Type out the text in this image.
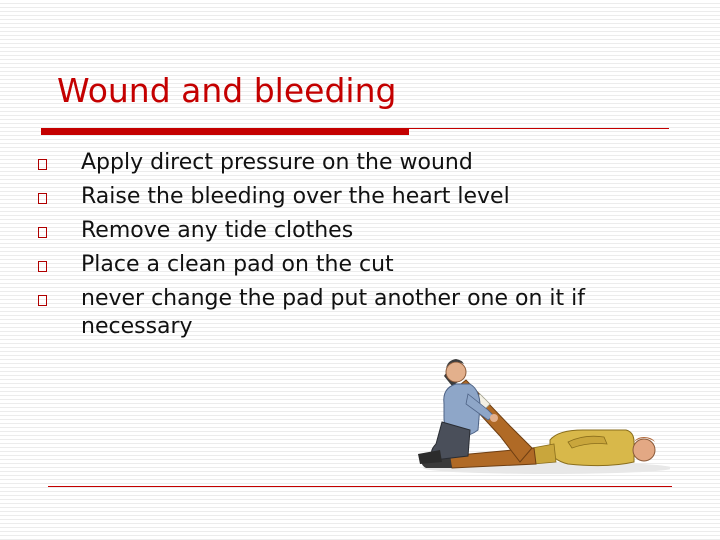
Wound and bleeding
Apply direct pressure on the wound
Raise the bleeding over the heart level
Remove any tide clothes
Place a clean pad on the cut
never change the pad put another one on it if necessary
